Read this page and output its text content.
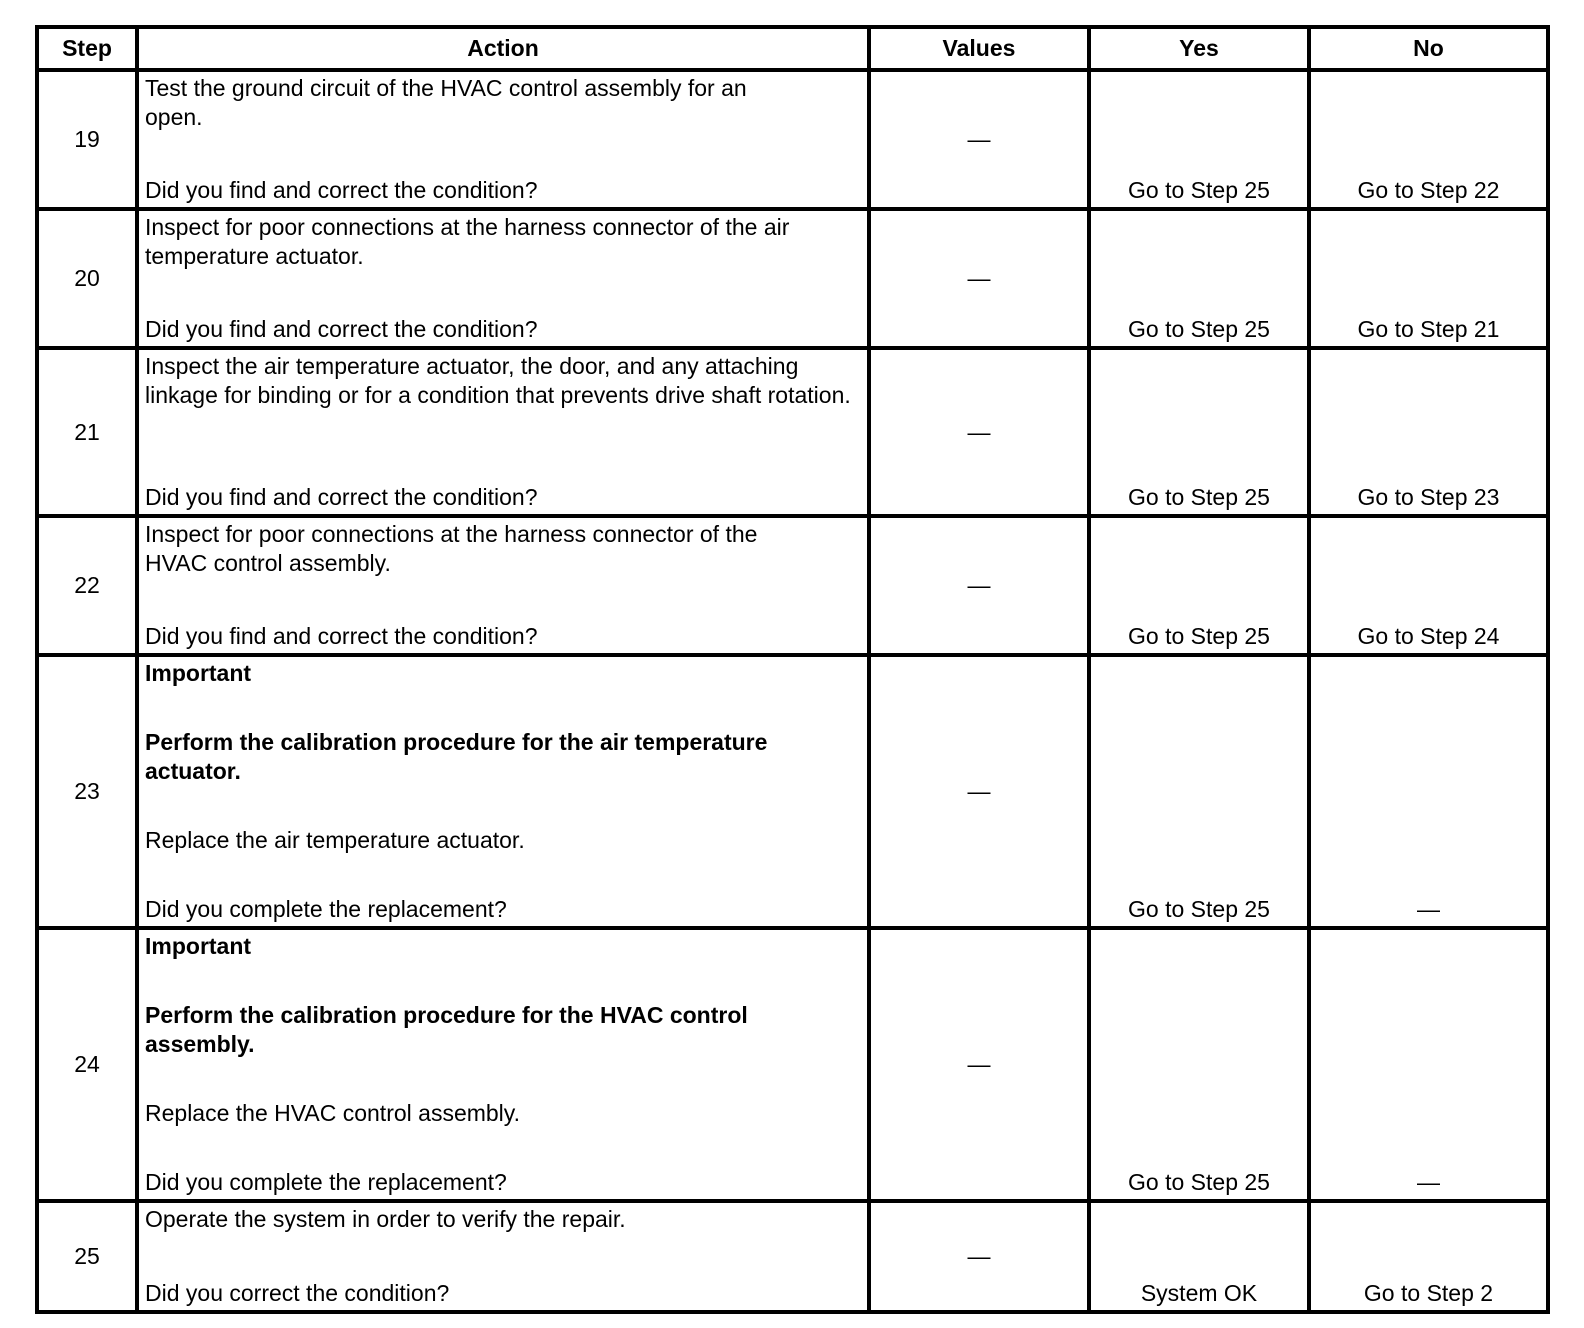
Step	Action	Values	Yes	No
19	Test the ground circuit of the HVAC control assembly for an open.

Did you find and correct the condition?	—	Go to Step 25	Go to Step 22
20	Inspect for poor connections at the harness connector of the air temperature actuator.

Did you find and correct the condition?	—	Go to Step 25	Go to Step 21
21	Inspect the air temperature actuator, the door, and any attaching linkage for binding or for a condition that prevents drive shaft rotation.

Did you find and correct the condition?	—	Go to Step 25	Go to Step 23
22	Inspect for poor connections at the harness connector of the HVAC control assembly.

Did you find and correct the condition?	—	Go to Step 25	Go to Step 24
23	Important

Perform the calibration procedure for the air temperature actuator.

Replace the air temperature actuator.

Did you complete the replacement?	—	Go to Step 25	—
24	Important

Perform the calibration procedure for the HVAC control assembly.

Replace the HVAC control assembly.

Did you complete the replacement?	—	Go to Step 25	—
25	Operate the system in order to verify the repair.

Did you correct the condition?	—	System OK	Go to Step 2
